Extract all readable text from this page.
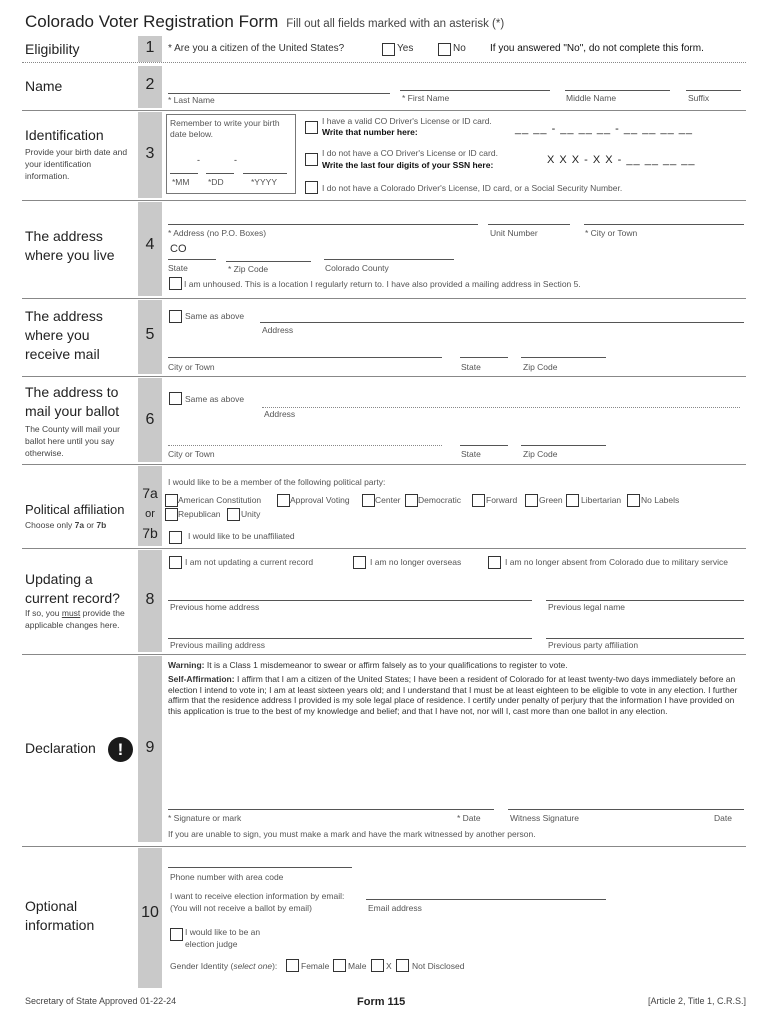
Colorado Voter Registration Form Fill out all fields marked with an asterisk (*)
Eligibility	1	* Are you a citizen of the United States?	Yes	No If you answered "No", do not complete this form.
Name	2
* Last Name	* First Name	Middle Name	Suffix
Identification
Provide your birth date and your identification information.
3
Remember to write your birth date below.
-	-
*MM *DD	*YYYY
I have a valid CO Driver's License or ID card.
Write that number here:	__ __ - __ __ __ - __ __ __ __
I do not have a CO Driver's License or ID card.
Write the last four digits of your SSN here:	X X X - X X - __ __ __ __
I do not have a Colorado Driver's License, ID card, or a Social Security Number.
The address where you live
4
* Address (no P.O. Boxes)	Unit Number	* City or Town
CO
State	* Zip Code	Colorado County
I am unhoused. This is a location I regularly return to. I have also provided a mailing address in Section 5.
The address where you receive mail
5
Same as above
Address
City or Town	State	Zip Code
The address to mail your ballot
The County will mail your ballot here until you say otherwise.
6
Same as above
Address
City or Town	State	Zip Code
Political affiliation
Choose only 7a or 7b
7a
or
7b
I would like to be a member of the following political party:
American Constitution	Approval Voting	Center Democratic	Forward	Green Libertarian No Labels
Republican Unity
I would like to be unaffiliated
Updating a current record?
If so, you must provide the applicable changes here.
8
I am not updating a current record	I am no longer overseas	I am no longer absent from Colorado due to military service
Previous home address	Previous legal name
Previous mailing address	Previous party affiliation
Declaration	!	9
Warning: It is a Class 1 misdemeanor to swear or affirm falsely as to your qualifications to register to vote.
Self-Affirmation: I affirm that I am a citizen of the United States; I have been a resident of Colorado for at least twenty-two days immediately before an election I intend to vote in; I am at least sixteen years old; and I understand that I must be at least eighteen to be eligible to vote in any election. I further affirm that the residence address I provided is my sole legal place of residence. I certify under penalty of perjury that the information I have provided on this application is true to the best of my knowledge and belief; and that I have not, nor will I, cast more than one ballot in any election.
* Signature or mark	* Date	Witness Signature	Date
If you are unable to sign, you must make a mark and have the mark witnessed by another person.
Optional information
10
Phone number with area code
I want to receive election information by email:
(You will not receive a ballot by email)	Email address
I would like to be an election judge
Gender Identity (select one):	Female Male X Not Disclosed
Secretary of State Approved 01-22-24	Form 115	[Article 2, Title 1, C.R.S.]
